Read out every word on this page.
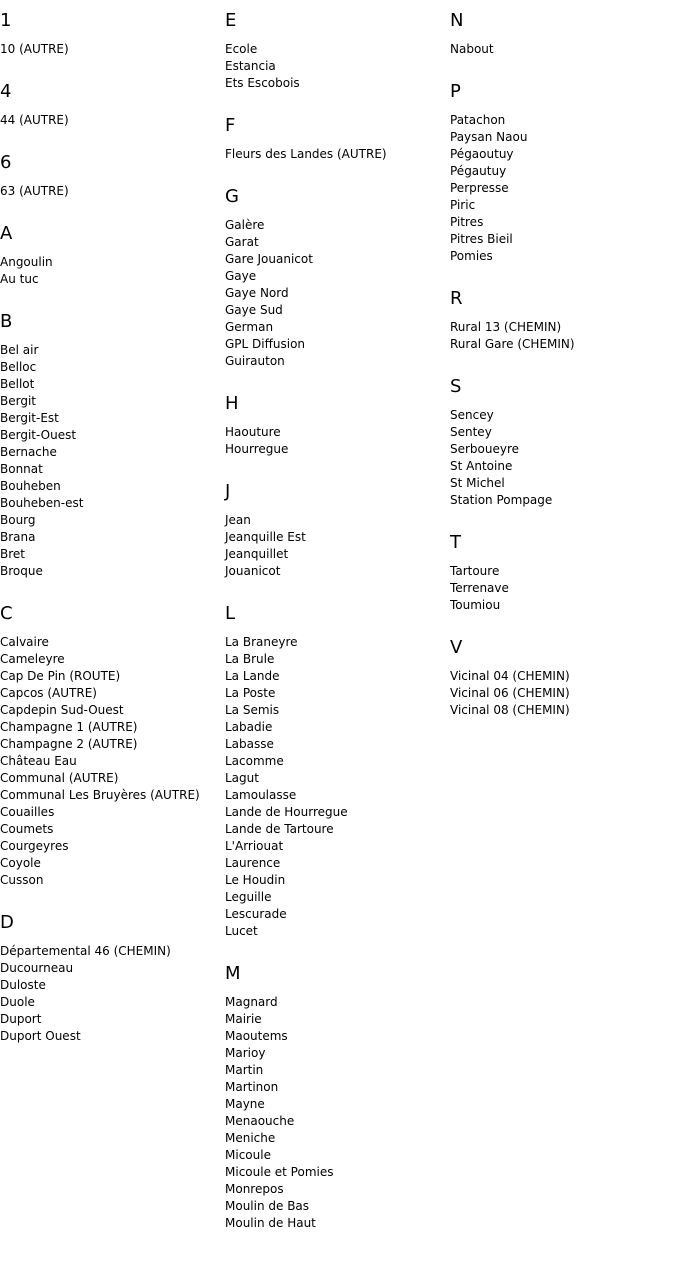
1
10 (AUTRE)
4
44 (AUTRE)
6
63 (AUTRE)
A
Angoulin
Au tuc
B
Bel air
Belloc
Bellot
Bergit
Bergit-Est
Bergit-Ouest
Bernache
Bonnat
Bouheben
Bouheben-est
Bourg
Brana
Bret
Broque
C
Calvaire
Cameleyre
Cap De Pin (ROUTE)
Capcos (AUTRE)
Capdepin Sud-Ouest
Champagne 1 (AUTRE)
Champagne 2 (AUTRE)
Château Eau
Communal (AUTRE)
Communal Les Bruyères (AUTRE)
Couailles
Coumets
Courgeyres
Coyole
Cusson
D
Départemental 46 (CHEMIN)
Ducourneau
Duloste
Duole
Duport
Duport Ouest
E
Ecole
Estancia
Ets Escobois
F
Fleurs des Landes (AUTRE)
G
Galère
Garat
Gare Jouanicot
Gaye
Gaye Nord
Gaye Sud
German
GPL Diffusion
Guirauton
H
Haouture
Hourregue
J
Jean
Jeanquille Est
Jeanquillet
Jouanicot
L
La Braneyre
La Brule
La Lande
La Poste
La Semis
Labadie
Labasse
Lacomme
Lagut
Lamoulasse
Lande de Hourregue
Lande de Tartoure
L'Arriouat
Laurence
Le Houdin
Leguille
Lescurade
Lucet
M
Magnard
Mairie
Maoutems
Marioy
Martin
Martinon
Mayne
Menaouche
Meniche
Micoule
Micoule et Pomies
Monrepos
Moulin de Bas
Moulin de Haut
N
Nabout
P
Patachon
Paysan Naou
Pégaoutuy
Pégautuy
Perpresse
Piric
Pitres
Pitres Bieil
Pomies
R
Rural 13 (CHEMIN)
Rural Gare (CHEMIN)
S
Sencey
Sentey
Serboueyre
St Antoine
St Michel
Station Pompage
T
Tartoure
Terrenave
Toumiou
V
Vicinal 04 (CHEMIN)
Vicinal 06 (CHEMIN)
Vicinal 08 (CHEMIN)
